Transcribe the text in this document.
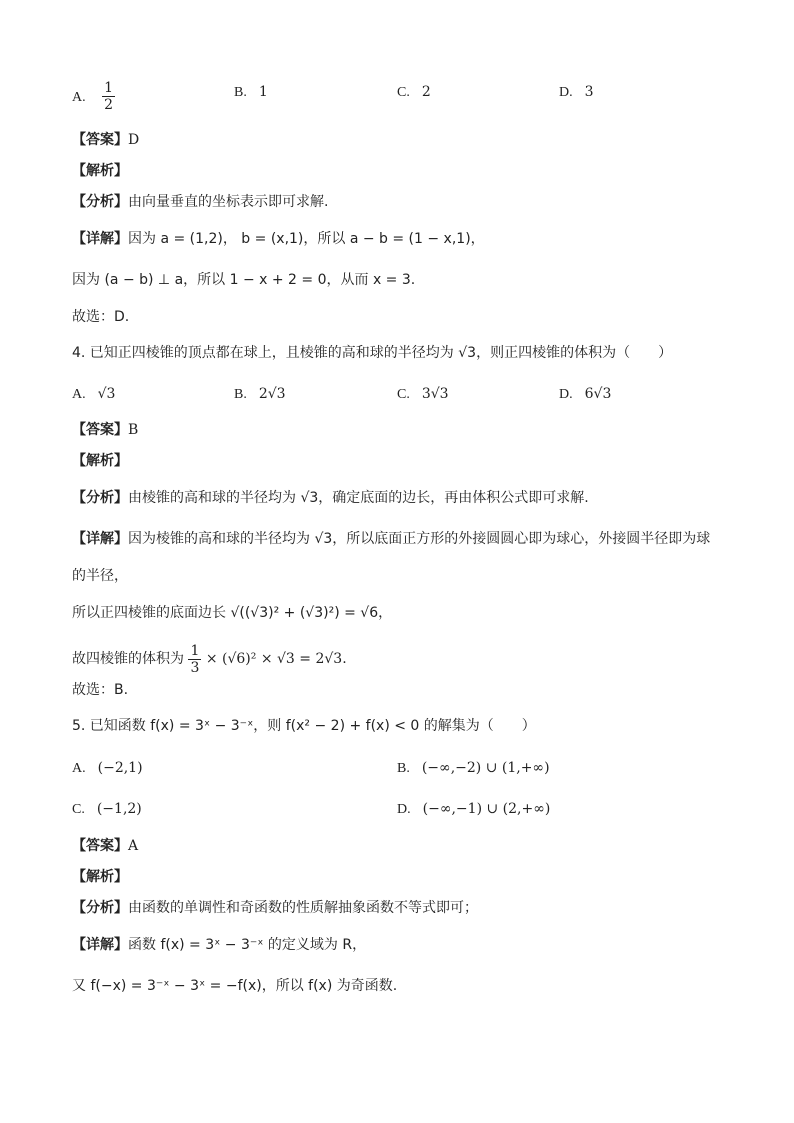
A. $\frac{1}{2}$	B. 1	C. 2	D. 3
【答案】D
【解析】
【分析】由向量垂直的坐标表示即可求解.
【详解】因为 a = (1,2)， b = (x,1)，所以 a − b = (1 − x,1)，
因为 (a − b) ⊥ a，所以 1 − x + 2 = 0，从而 x = 3.
故选：D.
4. 已知正四棱锥的顶点都在球上，且棱锥的高和球的半径均为 √3，则正四棱锥的体积为（　　）
A. √3	B. 2√3	C. 3√3	D. 6√3
【答案】B
【解析】
【分析】由棱锥的高和球的半径均为 √3，确定底面的边长，再由体积公式即可求解.
【详解】因为棱锥的高和球的半径均为 √3，所以底面正方形的外接圆圆心即为球心，外接圆半径即为球
的半径，
所以正四棱锥的底面边长 √((√3)² + (√3)²) = √6，
故四棱锥的体积为 $\frac{1}{3} \times (√6)^2 \times √3 = 2√3$.
故选：B.
5. 已知函数 f(x) = 3ˣ − 3⁻ˣ，则 f(x² − 2) + f(x) < 0 的解集为（　　）
A. (−2,1)	B. (−∞,−2) ∪ (1,+∞)
C. (−1,2)	D. (−∞,−1) ∪ (2,+∞)
【答案】A
【解析】
【分析】由函数的单调性和奇函数的性质解抽象函数不等式即可；
【详解】函数 f(x) = 3ˣ − 3⁻ˣ 的定义域为 R，
又 f(−x) = 3⁻ˣ − 3ˣ = −f(x)，所以 f(x) 为奇函数.
